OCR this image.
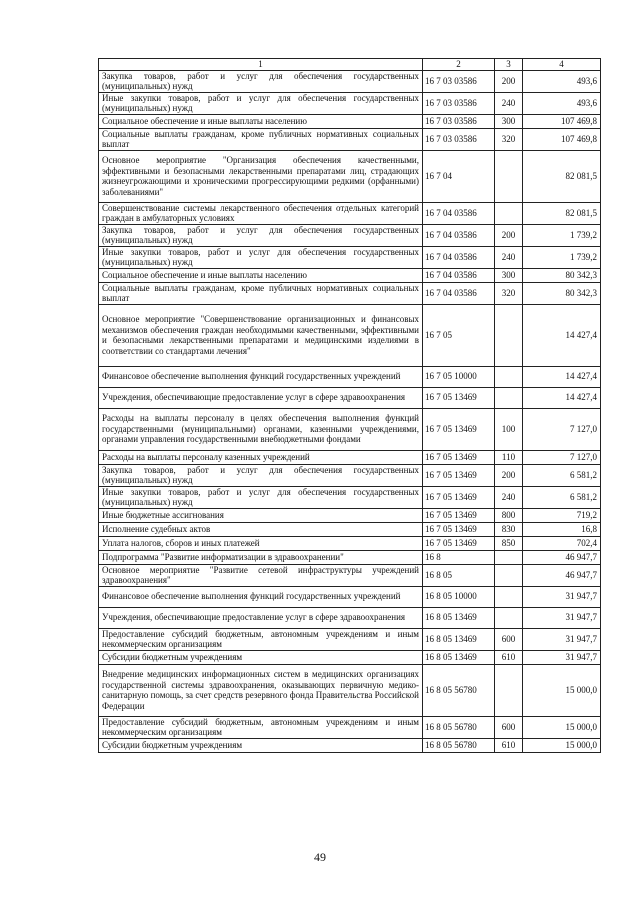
1	2	3	4
Закупка товаров, работ и услуг для обеспечения государственных (муниципальных) нужд	16 7 03 03586	200	493,6
Иные закупки товаров, работ и услуг для обеспечения государственных (муниципальных) нужд	16 7 03 03586	240	493,6
Социальное обеспечение и иные выплаты населению	16 7 03 03586	300	107 469,8
Социальные выплаты гражданам, кроме публичных нормативных социальных выплат	16 7 03 03586	320	107 469,8
Основное мероприятие "Организация обеспечения качественными, эффективными и безопасными лекарственными препаратами лиц, страдающих жизнеугрожающими и хроническими прогрессирующими редкими (орфанными) заболеваниями"	16 7 04		82 081,5
Совершенствование системы лекарственного обеспечения отдельных категорий граждан в амбулаторных условиях	16 7 04 03586		82 081,5
Закупка товаров, работ и услуг для обеспечения государственных (муниципальных) нужд	16 7 04 03586	200	1 739,2
Иные закупки товаров, работ и услуг для обеспечения государственных (муниципальных) нужд	16 7 04 03586	240	1 739,2
Социальное обеспечение и иные выплаты населению	16 7 04 03586	300	80 342,3
Социальные выплаты гражданам, кроме публичных нормативных социальных выплат	16 7 04 03586	320	80 342,3
Основное мероприятие "Совершенствование организационных и финансовых механизмов обеспечения граждан необходимыми качественными, эффективными и безопасными лекарственными препаратами и медицинскими изделиями в соответствии со стандартами лечения"	16 7 05		14 427,4
Финансовое обеспечение выполнения функций государственных учреждений	16 7 05 10000		14 427,4
Учреждения, обеспечивающие предоставление услуг в сфере здравоохранения	16 7 05 13469		14 427,4
Расходы на выплаты персоналу в целях обеспечения выполнения функций государственными (муниципальными) органами, казенными учреждениями, органами управления государственными внебюджетными фондами	16 7 05 13469	100	7 127,0
Расходы на выплаты персоналу казенных учреждений	16 7 05 13469	110	7 127,0
Закупка товаров, работ и услуг для обеспечения государственных (муниципальных) нужд	16 7 05 13469	200	6 581,2
Иные закупки товаров, работ и услуг для обеспечения государственных (муниципальных) нужд	16 7 05 13469	240	6 581,2
Иные бюджетные ассигнования	16 7 05 13469	800	719,2
Исполнение судебных актов	16 7 05 13469	830	16,8
Уплата налогов, сборов и иных платежей	16 7 05 13469	850	702,4
Подпрограмма "Развитие информатизации в здравоохранении"	16 8		46 947,7
Основное мероприятие "Развитие сетевой инфраструктуры учреждений здравоохранения"	16 8 05		46 947,7
Финансовое обеспечение выполнения функций государственных учреждений	16 8 05 10000		31 947,7
Учреждения, обеспечивающие предоставление услуг в сфере здравоохранения	16 8 05 13469		31 947,7
Предоставление субсидий бюджетным, автономным учреждениям и иным некоммерческим организациям	16 8 05 13469	600	31 947,7
Субсидии бюджетным учреждениям	16 8 05 13469	610	31 947,7
Внедрение медицинских информационных систем в медицинских организациях государственной системы здравоохранения, оказывающих первичную медико-санитарную помощь, за счет средств резервного фонда Правительства Российской Федерации	16 8 05 56780		15 000,0
Предоставление субсидий бюджетным, автономным учреждениям и иным некоммерческим организациям	16 8 05 56780	600	15 000,0
Субсидии бюджетным учреждениям	16 8 05 56780	610	15 000,0
49
